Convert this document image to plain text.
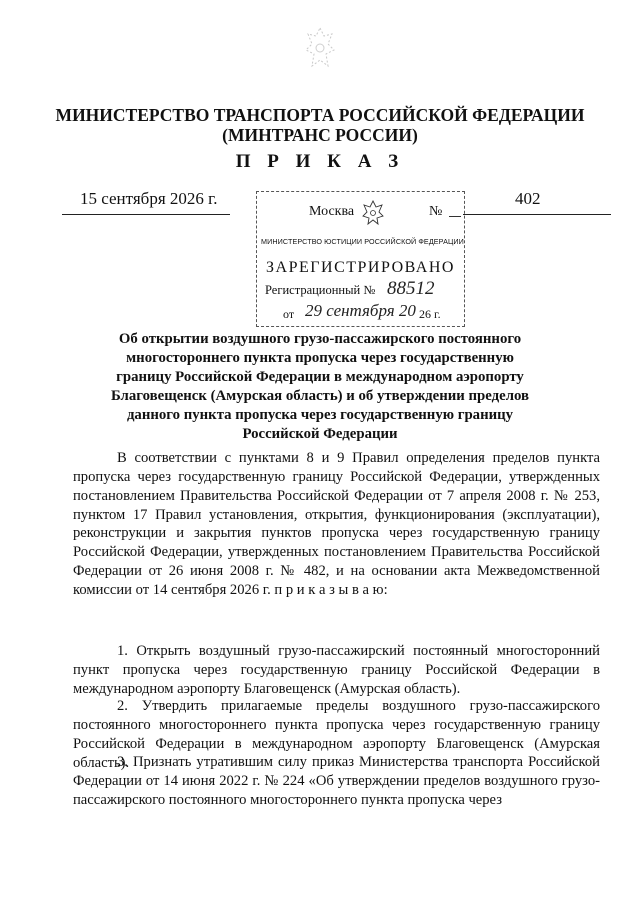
МИНИСТЕРСТВО ТРАНСПОРТА РОССИЙСКОЙ ФЕДЕРАЦИИ
(МИНТРАНС РОССИИ)
П Р И К А З
15 сентября 2026 г.	402
Москва	№
МИНИСТЕРСТВО ЮСТИЦИИ РОССИЙСКОЙ ФЕДЕРАЦИИ
ЗАРЕГИСТРИРОВАНО
Регистрационный № 88512
от 29 сентября 20 26 г.
Об открытии воздушного грузо-пассажирского постоянного многостороннего пункта пропуска через государственную границу Российской Федерации в международном аэропорту Благовещенск (Амурская область) и об утверждении пределов данного пункта пропуска через государственную границу Российской Федерации
В соответствии с пунктами 8 и 9 Правил определения пределов пункта пропуска через государственную границу Российской Федерации, утвержденных постановлением Правительства Российской Федерации от 7 апреля 2008 г. № 253, пунктом 17 Правил установления, открытия, функционирования (эксплуатации), реконструкции и закрытия пунктов пропуска через государственную границу Российской Федерации, утвержденных постановлением Правительства Российской Федерации от 26 июня 2008 г. № 482, и на основании акта Межведомственной комиссии от 14 сентября 2026 г. п р и к а з ы в а ю:
1. Открыть воздушный грузо-пассажирский постоянный многосторонний пункт пропуска через государственную границу Российской Федерации в международном аэропорту Благовещенск (Амурская область).
2. Утвердить прилагаемые пределы воздушного грузо-пассажирского постоянного многостороннего пункта пропуска через государственную границу Российской Федерации в международном аэропорту Благовещенск (Амурская область).
3. Признать утратившим силу приказ Министерства транспорта Российской Федерации от 14 июня 2022 г. № 224 «Об утверждении пределов воздушного грузо-пассажирского постоянного многостороннего пункта пропуска через
